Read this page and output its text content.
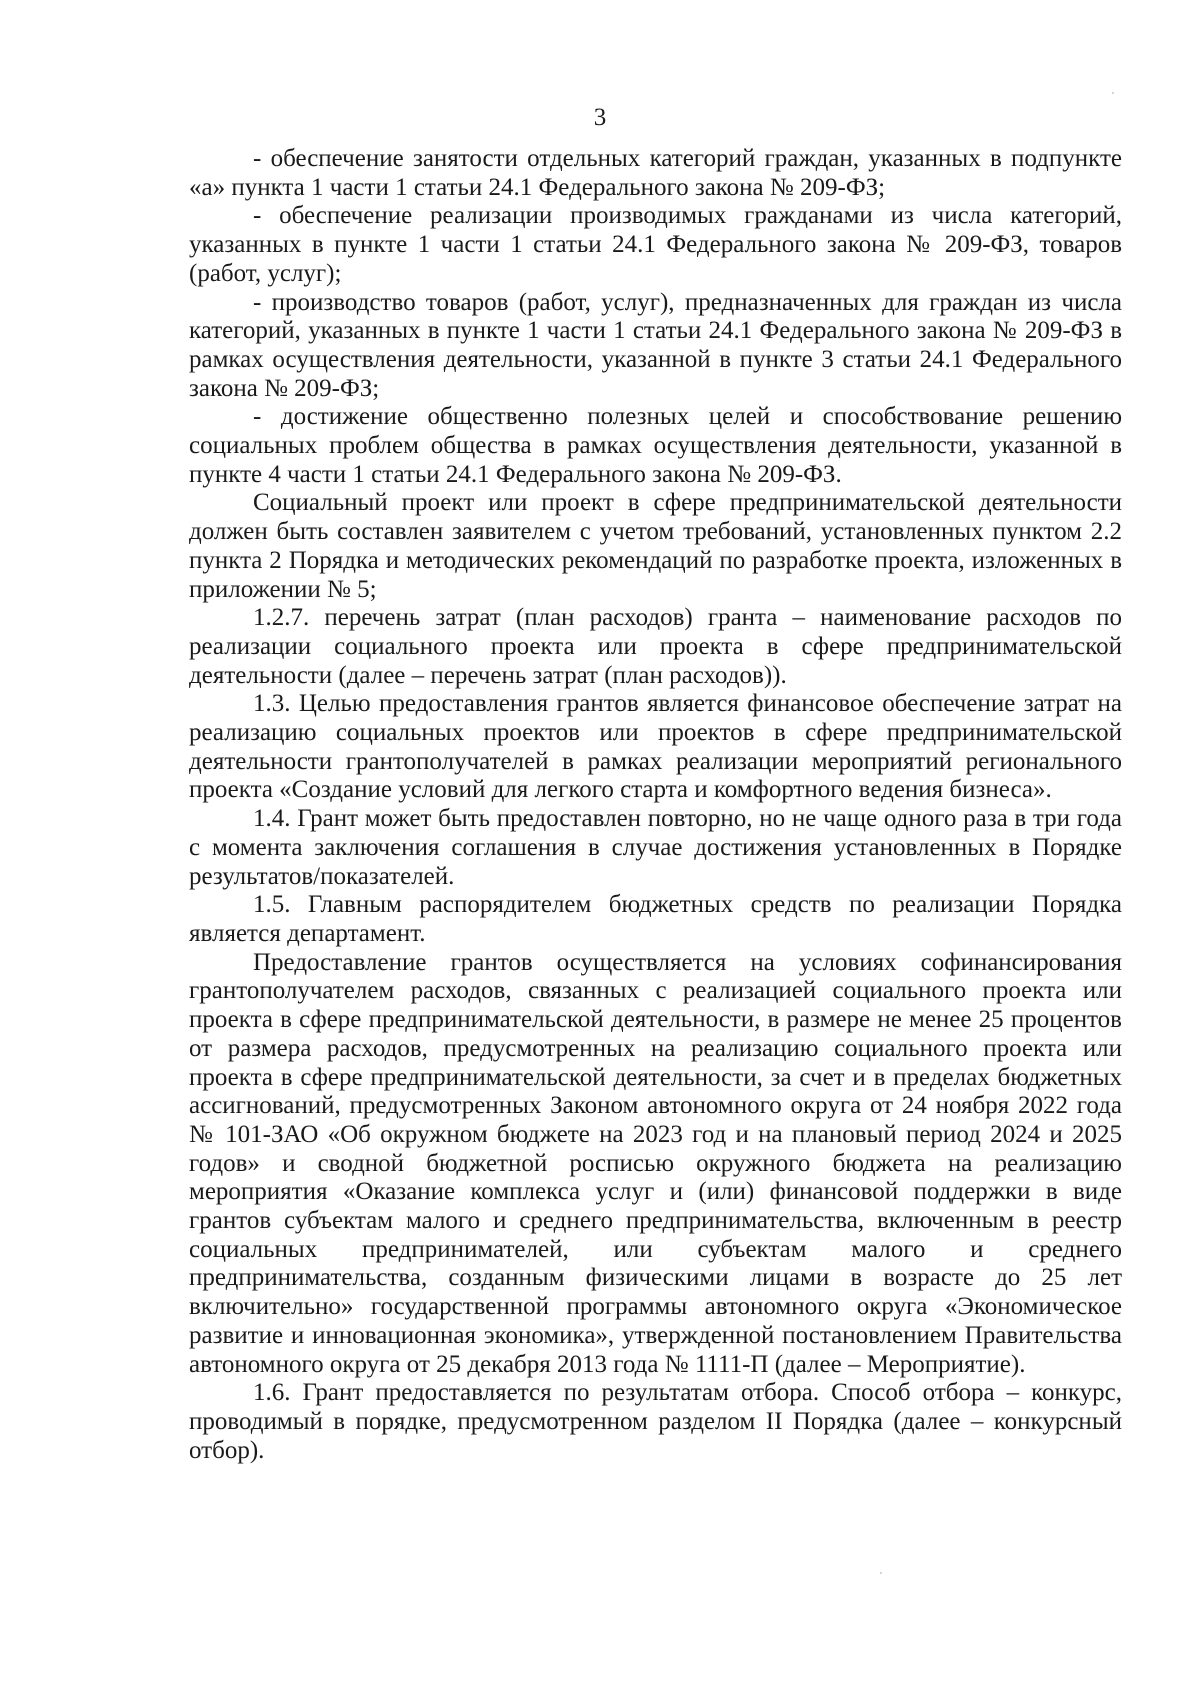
3

- обеспечение занятости отдельных категорий граждан, указанных в подпункте «а» пункта 1 части 1 статьи 24.1 Федерального закона № 209-ФЗ;

- обеспечение реализации производимых гражданами из числа категорий, указанных в пункте 1 части 1 статьи 24.1 Федерального закона № 209-ФЗ, товаров (работ, услуг);

- производство товаров (работ, услуг), предназначенных для граждан из числа категорий, указанных в пункте 1 части 1 статьи 24.1 Федерального закона № 209-ФЗ в рамках осуществления деятельности, указанной в пункте 3 статьи 24.1 Федерального закона № 209-ФЗ;

- достижение общественно полезных целей и способствование решению социальных проблем общества в рамках осуществления деятельности, указанной в пункте 4 части 1 статьи 24.1 Федерального закона № 209-ФЗ.

Социальный проект или проект в сфере предпринимательской деятельности должен быть составлен заявителем с учетом требований, установленных пунктом 2.2 пункта 2 Порядка и методических рекомендаций по разработке проекта, изложенных в приложении № 5;

1.2.7. перечень затрат (план расходов) гранта – наименование расходов по реализации социального проекта или проекта в сфере предпринимательской деятельности (далее – перечень затрат (план расходов)).

1.3. Целью предоставления грантов является финансовое обеспечение затрат на реализацию социальных проектов или проектов в сфере предпринимательской деятельности грантополучателей в рамках реализации мероприятий регионального проекта «Создание условий для легкого старта и комфортного ведения бизнеса».

1.4. Грант может быть предоставлен повторно, но не чаще одного раза в три года с момента заключения соглашения в случае достижения установленных в Порядке результатов/показателей.

1.5. Главным распорядителем бюджетных средств по реализации Порядка является департамент.

Предоставление грантов осуществляется на условиях софинансирования грантополучателем расходов, связанных с реализацией социального проекта или проекта в сфере предпринимательской деятельности, в размере не менее 25 процентов от размера расходов, предусмотренных на реализацию социального проекта или проекта в сфере предпринимательской деятельности, за счет и в пределах бюджетных ассигнований, предусмотренных Законом автономного округа от 24 ноября 2022 года № 101-ЗАО «Об окружном бюджете на 2023 год и на плановый период 2024 и 2025 годов» и сводной бюджетной росписью окружного бюджета на реализацию мероприятия «Оказание комплекса услуг и (или) финансовой поддержки в виде грантов субъектам малого и среднего предпринимательства, включенным в реестр социальных предпринимателей, или субъектам малого и среднего предпринимательства, созданным физическими лицами в возрасте до 25 лет включительно» государственной программы автономного округа «Экономическое развитие и инновационная экономика», утвержденной постановлением Правительства автономного округа от 25 декабря 2013 года № 1111-П (далее – Мероприятие).

1.6. Грант предоставляется по результатам отбора. Способ отбора – конкурс, проводимый в порядке, предусмотренном разделом II Порядка (далее – конкурсный отбор).
